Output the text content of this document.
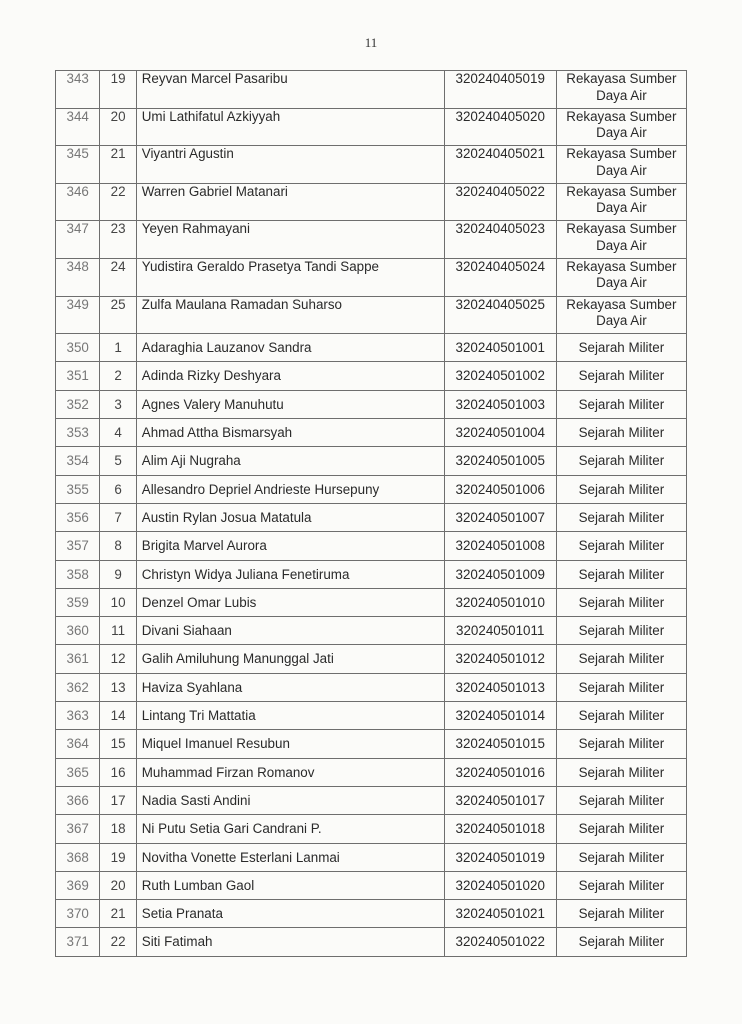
11
343	19	Reyvan Marcel Pasaribu	320240405019	Rekayasa Sumber Daya Air
344	20	Umi Lathifatul Azkiyyah	320240405020	Rekayasa Sumber Daya Air
345	21	Viyantri Agustin	320240405021	Rekayasa Sumber Daya Air
346	22	Warren Gabriel Matanari	320240405022	Rekayasa Sumber Daya Air
347	23	Yeyen Rahmayani	320240405023	Rekayasa Sumber Daya Air
348	24	Yudistira Geraldo Prasetya Tandi Sappe	320240405024	Rekayasa Sumber Daya Air
349	25	Zulfa Maulana Ramadan Suharso	320240405025	Rekayasa Sumber Daya Air
350	1	Adaraghia Lauzanov Sandra	320240501001	Sejarah Militer
351	2	Adinda Rizky Deshyara	320240501002	Sejarah Militer
352	3	Agnes Valery Manuhutu	320240501003	Sejarah Militer
353	4	Ahmad Attha Bismarsyah	320240501004	Sejarah Militer
354	5	Alim Aji Nugraha	320240501005	Sejarah Militer
355	6	Allesandro Depriel Andrieste Hursepuny	320240501006	Sejarah Militer
356	7	Austin Rylan Josua Matatula	320240501007	Sejarah Militer
357	8	Brigita Marvel Aurora	320240501008	Sejarah Militer
358	9	Christyn Widya Juliana Fenetiruma	320240501009	Sejarah Militer
359	10	Denzel Omar Lubis	320240501010	Sejarah Militer
360	11	Divani Siahaan	320240501011	Sejarah Militer
361	12	Galih Amiluhung Manunggal Jati	320240501012	Sejarah Militer
362	13	Haviza Syahlana	320240501013	Sejarah Militer
363	14	Lintang Tri Mattatia	320240501014	Sejarah Militer
364	15	Miquel Imanuel Resubun	320240501015	Sejarah Militer
365	16	Muhammad Firzan Romanov	320240501016	Sejarah Militer
366	17	Nadia Sasti Andini	320240501017	Sejarah Militer
367	18	Ni Putu Setia Gari Candrani P.	320240501018	Sejarah Militer
368	19	Novitha Vonette Esterlani Lanmai	320240501019	Sejarah Militer
369	20	Ruth Lumban Gaol	320240501020	Sejarah Militer
370	21	Setia Pranata	320240501021	Sejarah Militer
371	22	Siti Fatimah	320240501022	Sejarah Militer
